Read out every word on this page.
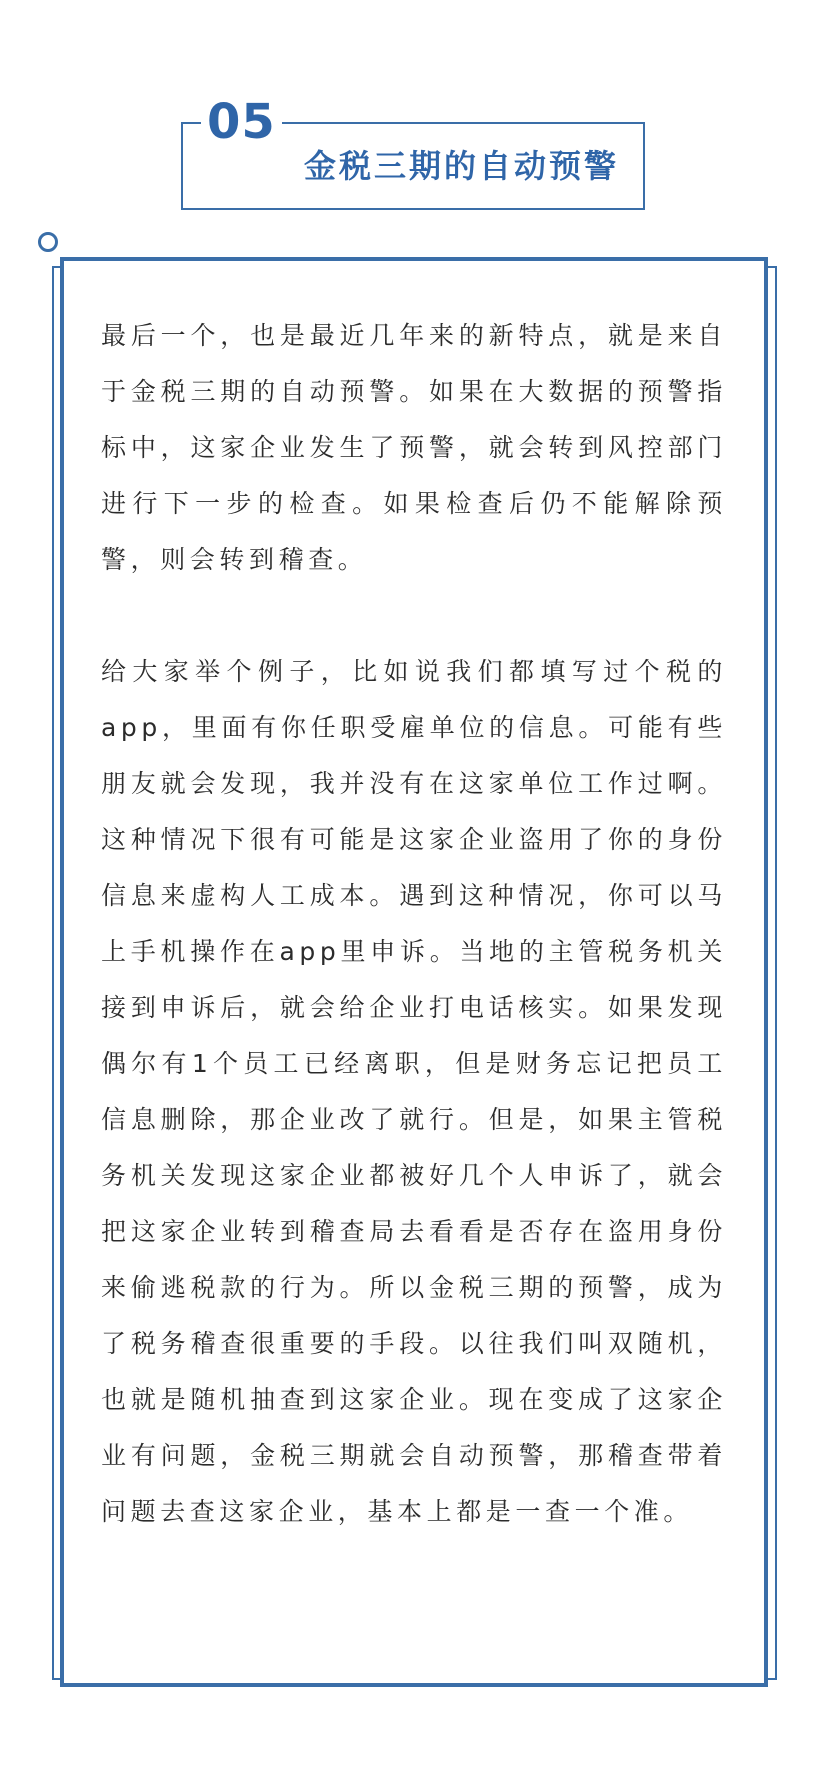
05
金税三期的自动预警

最后一个，也是最近几年来的新特点，就是来自于金税三期的自动预警。如果在大数据的预警指标中，这家企业发生了预警，就会转到风控部门进行下一步的检查。如果检查后仍不能解除预警，则会转到稽查。

给大家举个例子，比如说我们都填写过个税的app，里面有你任职受雇单位的信息。可能有些朋友就会发现，我并没有在这家单位工作过啊。这种情况下很有可能是这家企业盗用了你的身份信息来虚构人工成本。遇到这种情况，你可以马上手机操作在app里申诉。当地的主管税务机关接到申诉后，就会给企业打电话核实。如果发现偶尔有1个员工已经离职，但是财务忘记把员工信息删除，那企业改了就行。但是，如果主管税务机关发现这家企业都被好几个人申诉了，就会把这家企业转到稽查局去看看是否存在盗用身份来偷逃税款的行为。所以金税三期的预警，成为了税务稽查很重要的手段。以往我们叫双随机，也就是随机抽查到这家企业。现在变成了这家企业有问题，金税三期就会自动预警，那稽查带着问题去查这家企业，基本上都是一查一个准。
